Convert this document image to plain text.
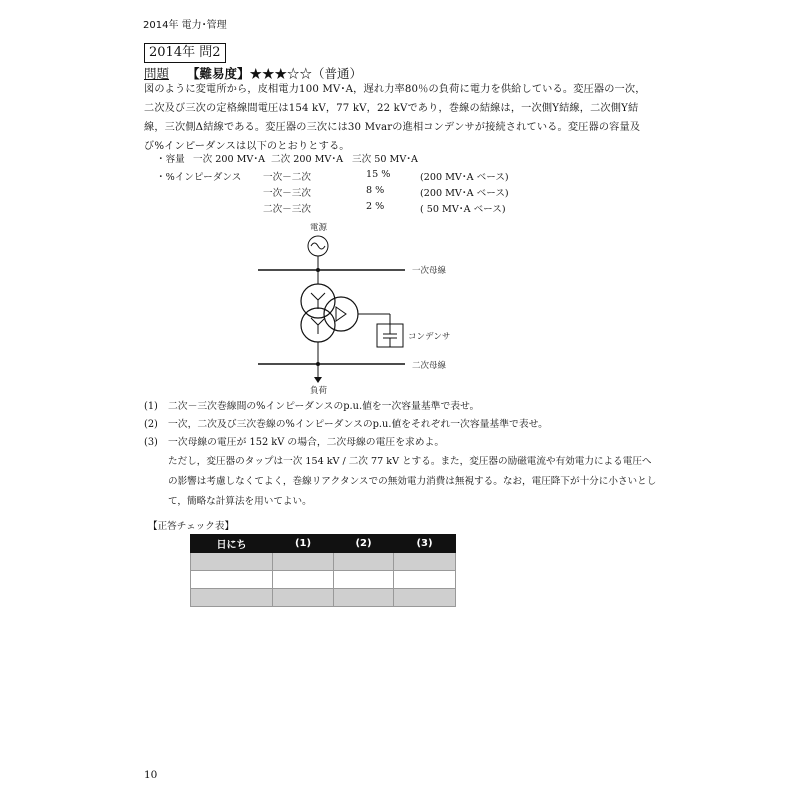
2014年 電力･管理
2014年 問2
問題 【難易度】★★★☆☆（普通）
図のように変電所から，皮相電力100 MV･A，遅れ力率80％の負荷に電力を供給している。変圧器の一次，二次及び三次の定格線間電圧は154 kV，77 kV，22 kVであり，巻線の結線は，一次側Y結線，二次側Y結線，三次側Δ結線である。変圧器の三次には30 Mvarの進相コンデンサが接続されている。変圧器の容量及び%インピーダンスは以下のとおりとする。
・容量 一次 200 MV･A 二次 200 MV･A 三次 50 MV･A
・%インピーダンス 一次－二次	15 %	(200 MV･A ベース)
一次－三次	8 %	(200 MV･A ベース)
二次－三次	2 %	( 50 MV･A ベース)
電源
一次母線
コンデンサ
二次母線
負荷
(1) 二次－三次巻線間の%インピーダンスのp.u.値を一次容量基準で表せ。
(2) 一次，二次及び三次巻線の%インピーダンスのp.u.値をそれぞれ一次容量基準で表せ。
(3) 一次母線の電圧が 152 kV の場合，二次母線の電圧を求めよ。
ただし，変圧器のタップは一次 154 kV / 二次 77 kV とする。また，変圧器の励磁電流や有効電力による電圧への影響は考慮しなくてよく，巻線リアクタンスでの無効電力消費は無視する。なお，電圧降下が十分に小さいとして，簡略な計算法を用いてよい。
【正答チェック表】
日にち	(1)	(2)	(3)

10
